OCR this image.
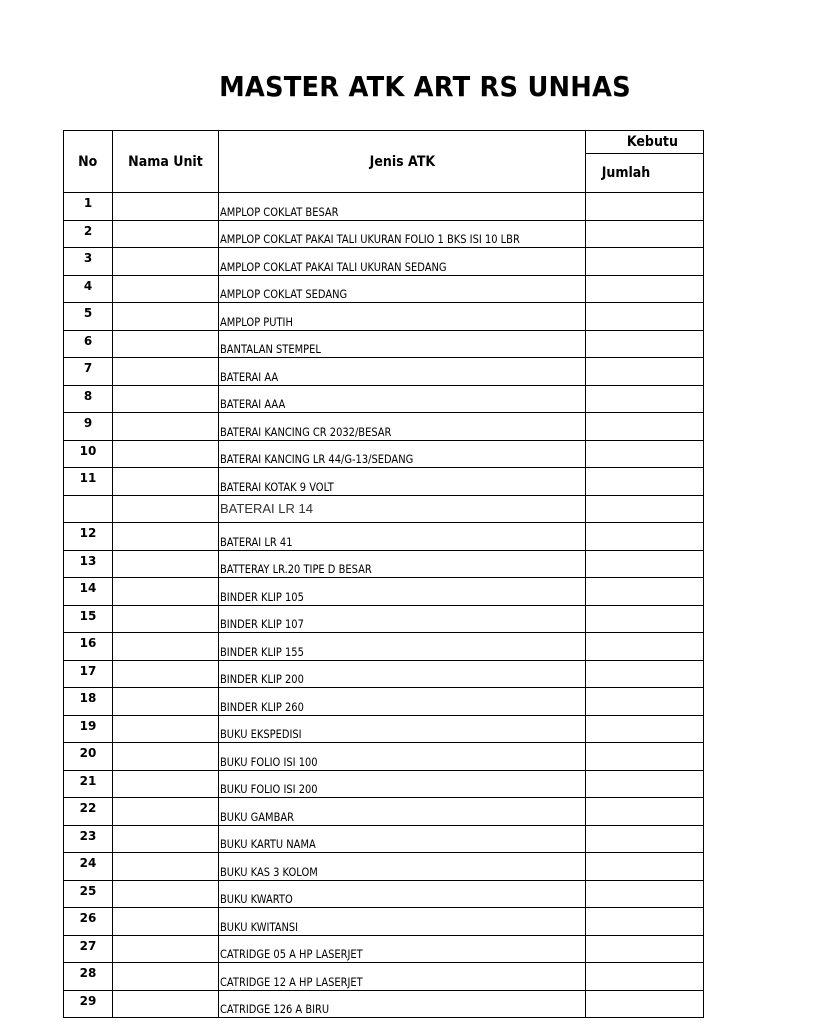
MASTER ATK ART RS UNHAS
No	Nama Unit	Jenis ATK	Kebutu
			Jumlah
1		AMPLOP COKLAT BESAR	
2		AMPLOP COKLAT PAKAI TALI UKURAN FOLIO 1 BKS ISI 10 LBR	
3		AMPLOP COKLAT PAKAI TALI UKURAN SEDANG	
4		AMPLOP COKLAT SEDANG	
5		AMPLOP PUTIH	
6		BANTALAN STEMPEL	
7		BATERAI AA	
8		BATERAI AAA	
9		BATERAI KANCING CR 2032/BESAR	
10		BATERAI KANCING LR 44/G-13/SEDANG	
11		BATERAI KOTAK 9 VOLT	
		BATERAI LR 14	
12		BATERAI LR 41	
13		BATTERAY LR.20 TIPE D BESAR	
14		BINDER KLIP 105	
15		BINDER KLIP 107	
16		BINDER KLIP 155	
17		BINDER KLIP 200	
18		BINDER KLIP 260	
19		BUKU EKSPEDISI	
20		BUKU FOLIO ISI 100	
21		BUKU FOLIO ISI 200	
22		BUKU GAMBAR	
23		BUKU KARTU NAMA	
24		BUKU KAS 3 KOLOM	
25		BUKU KWARTO	
26		BUKU KWITANSI	
27		CATRIDGE 05 A HP LASERJET	
28		CATRIDGE 12 A HP LASERJET	
29		CATRIDGE 126 A BIRU	
